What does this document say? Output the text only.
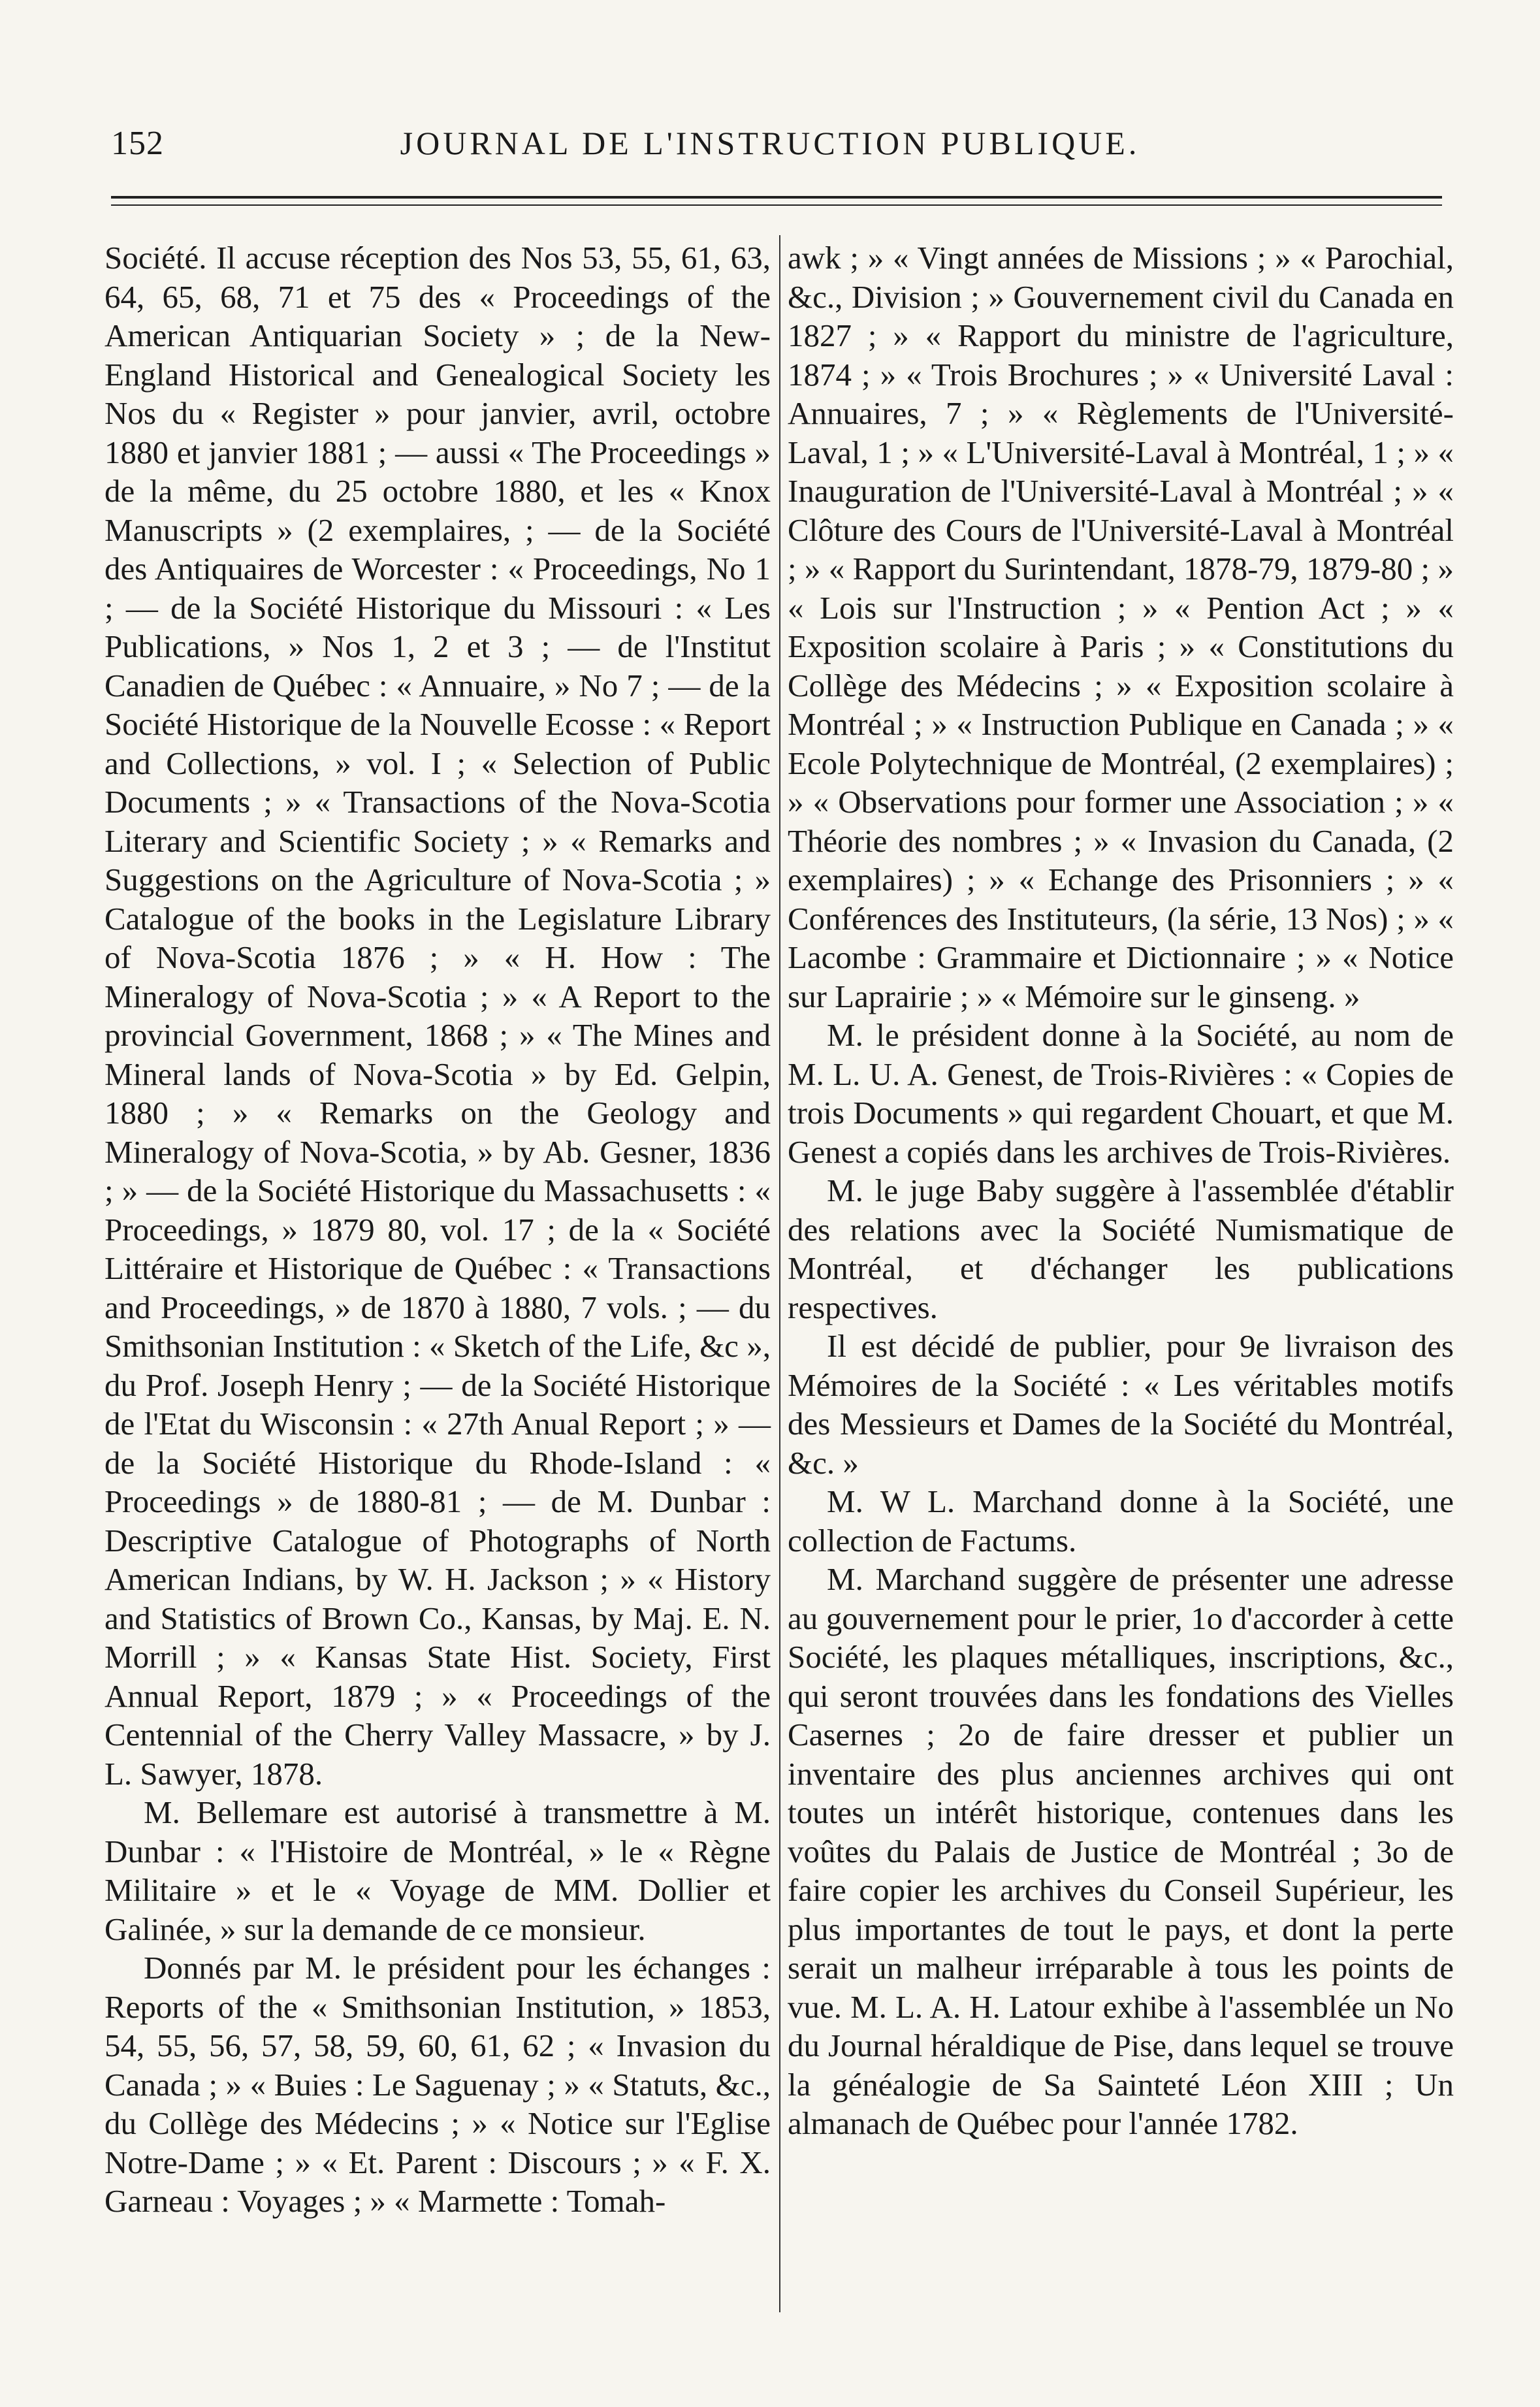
152	JOURNAL DE L'INSTRUCTION PUBLIQUE.

Société. Il accuse réception des Nos 53, 55, 61, 63, 64, 65, 68, 71 et 75 des « Proceedings of the American Antiquarian Society » ; de la New-England Historical and Genealogical Society les Nos du « Register » pour janvier, avril, octobre 1880 et janvier 1881 ; — aussi « The Proceedings » de la même, du 25 octobre 1880, et les « Knox Manuscripts » (2 exemplaires, ; — de la Société des Antiquaires de Worcester : « Proceedings, No 1 ; — de la Société Historique du Missouri : « Les Publications, » Nos 1, 2 et 3 ; — de l'Institut Canadien de Québec : « Annuaire, » No 7 ; — de la Société Historique de la Nouvelle Ecosse : « Report and Collections, » vol. I ; « Selection of Public Documents ; » « Transactions of the Nova-Scotia Literary and Scientific Society ; » « Remarks and Suggestions on the Agriculture of Nova-Scotia ; » Catalogue of the books in the Legislature Library of Nova-Scotia 1876 ; » « H. How : The Mineralogy of Nova-Scotia ; » « A Report to the provincial Government, 1868 ; » « The Mines and Mineral lands of Nova-Scotia » by Ed. Gelpin, 1880 ; » « Remarks on the Geology and Mineralogy of Nova-Scotia, » by Ab. Gesner, 1836 ; » — de la Société Historique du Massachusetts : « Proceedings, » 1879 80, vol. 17 ; de la « Société Littéraire et Historique de Québec : « Transactions and Proceedings, » de 1870 à 1880, 7 vols. ; — du Smithsonian Institution : « Sketch of the Life, &c », du Prof. Joseph Henry ; — de la Société Historique de l'Etat du Wisconsin : « 27th Anual Report ; » — de la Société Historique du Rhode-Island : « Proceedings » de 1880-81 ; — de M. Dunbar : Descriptive Catalogue of Photographs of North American Indians, by W. H. Jackson ; » « History and Statistics of Brown Co., Kansas, by Maj. E. N. Morrill ; » « Kansas State Hist. Society, First Annual Report, 1879 ; » « Proceedings of the Centennial of the Cherry Valley Massacre, » by J. L. Sawyer, 1878.

M. Bellemare est autorisé à transmettre à M. Dunbar : « l'Histoire de Montréal, » le « Règne Militaire » et le « Voyage de MM. Dollier et Galinée, » sur la demande de ce monsieur.

Donnés par M. le président pour les échanges : Reports of the « Smithsonian Institution, » 1853, 54, 55, 56, 57, 58, 59, 60, 61, 62 ; « Invasion du Canada ; » « Buies : Le Saguenay ; » « Statuts, &c., du Collège des Médecins ; » « Notice sur l'Eglise Notre-Dame ; » « Et. Parent : Discours ; » « F. X. Garneau : Voyages ; » « Marmette : Tomah-

awk ; » « Vingt années de Missions ; » « Parochial, &c., Division ; » Gouvernement civil du Canada en 1827 ; » « Rapport du ministre de l'agriculture, 1874 ; » « Trois Brochures ; » « Université Laval : Annuaires, 7 ; » « Règlements de l'Université-Laval, 1 ; » « L'Université-Laval à Montréal, 1 ; » « Inauguration de l'Université-Laval à Montréal ; » « Clôture des Cours de l'Université-Laval à Montréal ; » « Rapport du Surintendant, 1878-79, 1879-80 ; » « Lois sur l'Instruction ; » « Pention Act ; » « Exposition scolaire à Paris ; » « Constitutions du Collège des Médecins ; » « Exposition scolaire à Montréal ; » « Instruction Publique en Canada ; » « Ecole Polytechnique de Montréal, (2 exemplaires) ; » « Observations pour former une Association ; » « Théorie des nombres ; » « Invasion du Canada, (2 exemplaires) ; » « Echange des Prisonniers ; » « Conférences des Instituteurs, (la série, 13 Nos) ; » « Lacombe : Grammaire et Dictionnaire ; » « Notice sur Laprairie ; » « Mémoire sur le ginseng. »

M. le président donne à la Société, au nom de M. L. U. A. Genest, de Trois-Rivières : « Copies de trois Documents » qui regardent Chouart, et que M. Genest a copiés dans les archives de Trois-Rivières.

M. le juge Baby suggère à l'assemblée d'établir des relations avec la Société Numismatique de Montréal, et d'échanger les publications respectives.

Il est décidé de publier, pour 9e livraison des Mémoires de la Société : « Les véritables motifs des Messieurs et Dames de la Société du Montréal, &c. »

M. W L. Marchand donne à la Société, une collection de Factums.

M. Marchand suggère de présenter une adresse au gouvernement pour le prier, 1o d'accorder à cette Société, les plaques métalliques, inscriptions, &c., qui seront trouvées dans les fondations des Vielles Casernes ; 2o de faire dresser et publier un inventaire des plus anciennes archives qui ont toutes un intérêt historique, contenues dans les voûtes du Palais de Justice de Montréal ; 3o de faire copier les archives du Conseil Supérieur, les plus importantes de tout le pays, et dont la perte serait un malheur irréparable à tous les points de vue. M. L. A. H. Latour exhibe à l'assemblée un No du Journal héraldique de Pise, dans lequel se trouve la généalogie de Sa Sainteté Léon XIII ; Un almanach de Québec pour l'année 1782.
